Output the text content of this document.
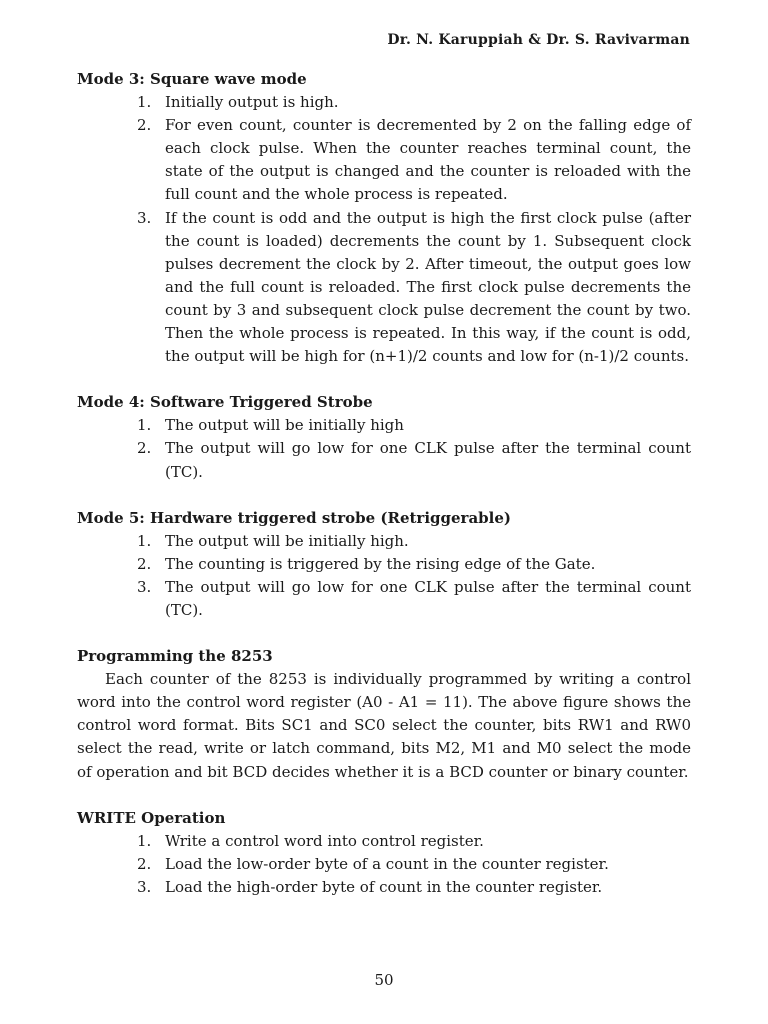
Dr. N. Karuppiah & Dr. S. Ravivarman
Mode 3: Square wave mode
1. Initially output is high.
2. For even count, counter is decremented by 2 on the falling edge of each clock pulse. When the counter reaches terminal count, the state of the output is changed and the counter is reloaded with the full count and the whole process is repeated.
3. If the count is odd and the output is high the first clock pulse (after the count is loaded) decrements the count by 1. Subsequent clock pulses decrement the clock by 2. After timeout, the output goes low and the full count is reloaded. The first clock pulse decrements the count by 3 and subsequent clock pulse decrement the count by two. Then the whole process is repeated. In this way, if the count is odd, the output will be high for (n+1)/2 counts and low for (n-1)/2 counts.
Mode 4: Software Triggered Strobe
1. The output will be initially high
2. The output will go low for one CLK pulse after the terminal count (TC).
Mode 5: Hardware triggered strobe (Retriggerable)
1. The output will be initially high.
2. The counting is triggered by the rising edge of the Gate.
3. The output will go low for one CLK pulse after the terminal count (TC).
Programming the 8253
Each counter of the 8253 is individually programmed by writing a control word into the control word register (A0 - A1 = 11). The above figure shows the control word format. Bits SC1 and SC0 select the counter, bits RW1 and RW0 select the read, write or latch command, bits M2, M1 and M0 select the mode of operation and bit BCD decides whether it is a BCD counter or binary counter.
WRITE Operation
1. Write a control word into control register.
2. Load the low-order byte of a count in the counter register.
3. Load the high-order byte of count in the counter register.
50
